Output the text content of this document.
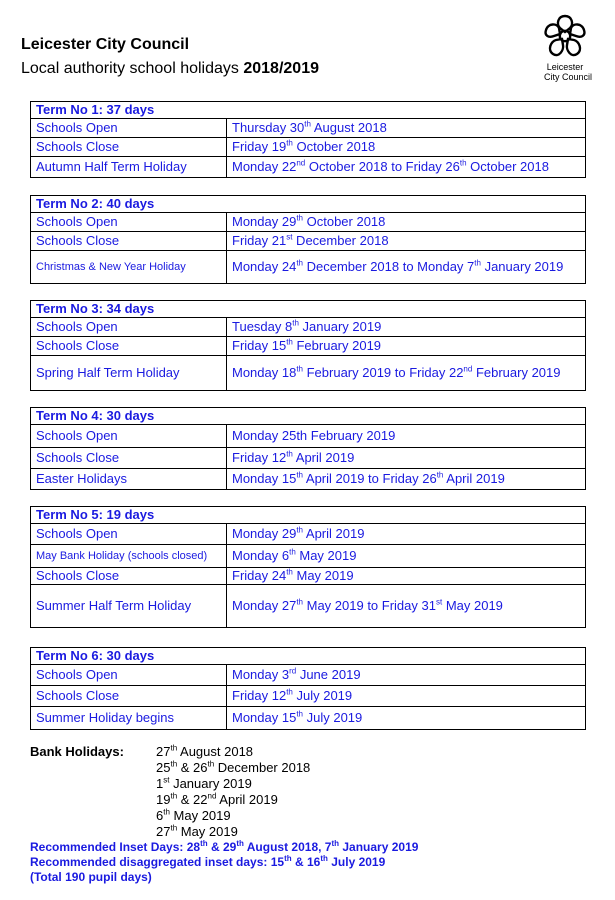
Leicester City Council
Local authority school holidays 2018/2019	Leicester
City Council
Term No 1: 37 days	
Schools Open	Thursday 30th August 2018
Schools Close	Friday 19th October 2018
Autumn Half Term Holiday	Monday 22nd October 2018 to Friday 26th October 2018
Term No 2: 40 days	
Schools Open	Monday 29th October 2018
Schools Close	Friday 21st December 2018
Christmas & New Year Holiday	Monday 24th December 2018 to Monday 7th January 2019
Term No 3: 34 days	
Schools Open	Tuesday 8th January 2019
Schools Close	Friday 15th February 2019
Spring Half Term Holiday	Monday 18th February 2019 to Friday 22nd February 2019
Term No 4: 30 days	
Schools Open	Monday 25th February 2019
Schools Close	Friday 12th April 2019
Easter Holidays	Monday 15th April 2019 to Friday 26th April 2019
Term No 5: 19 days	
Schools Open	Monday 29th April 2019
May Bank Holiday (schools closed)	Monday 6th May 2019
Schools Close	Friday 24th May 2019
Summer Half Term Holiday	Monday 27th May 2019 to Friday 31st May 2019
Term No 6: 30 days	
Schools Open	Monday 3rd June 2019
Schools Close	Friday 12th July 2019
Summer Holiday begins	Monday 15th July 2019
Bank Holidays: 27th August 2018
25th & 26th December 2018
1st January 2019
19th & 22nd April 2019
6th May 2019
27th May 2019
Recommended Inset Days: 28th & 29th August 2018, 7th January 2019
Recommended disaggregated inset days: 15th & 16th July 2019
(Total 190 pupil days)
